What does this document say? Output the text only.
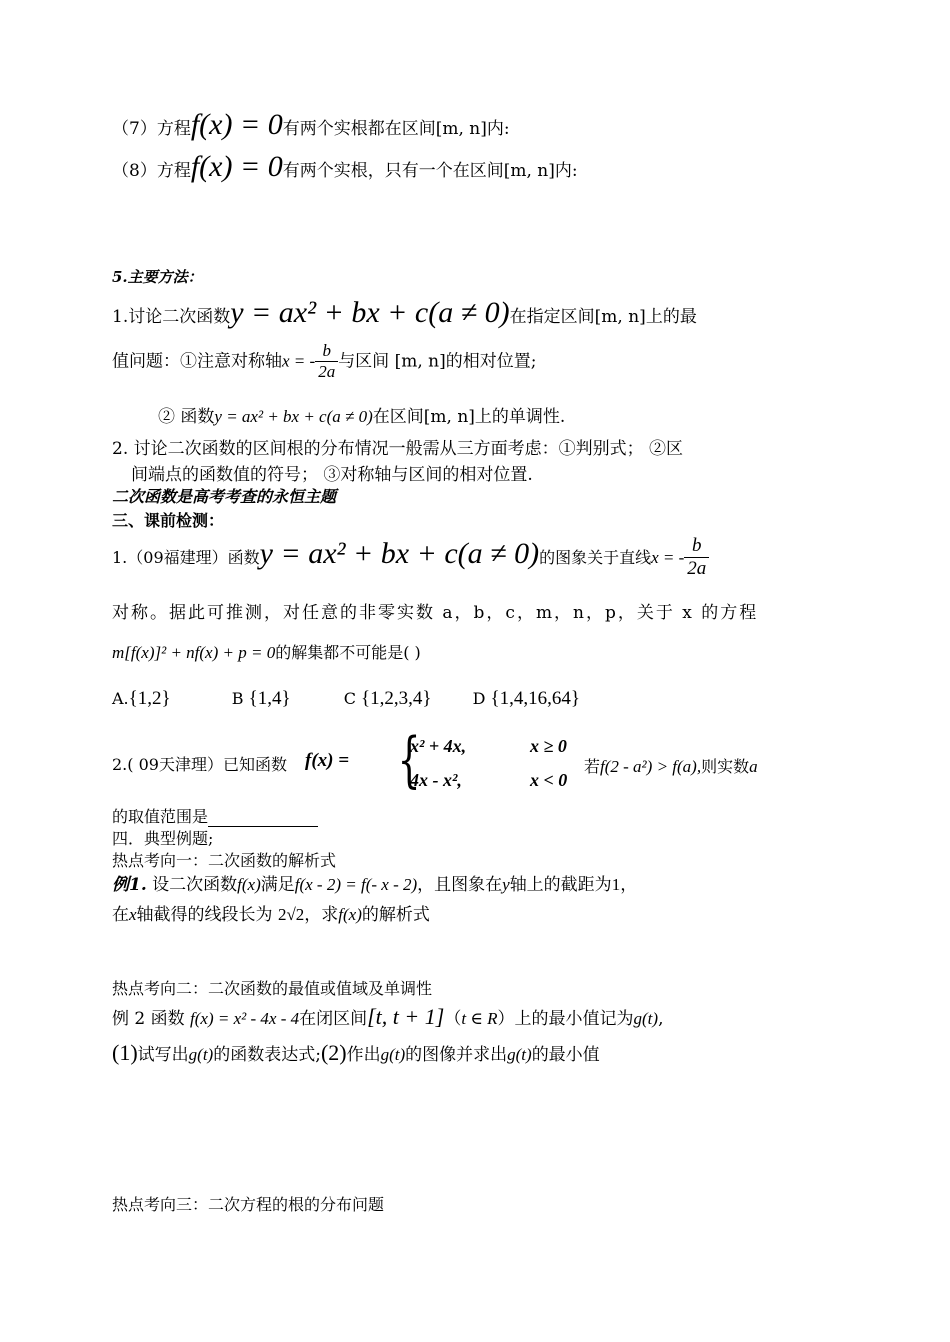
（7）方程f(x) = 0有两个实根都在区间[m, n]内:
（8）方程f(x) = 0有两个实根，只有一个在区间[m, n]内:
5.主要方法：
1.讨论二次函数y = ax² + bx + c(a ≠ 0)在指定区间[m, n]上的最
值问题：①注意对称轴x = - $\frac{b}{2a}$ 与区间 [m, n]的相对位置;
② 函数y = ax² + bx + c(a ≠ 0)在区间[m, n]上的单调性.
2. 讨论二次函数的区间根的分布情况一般需从三方面考虑：①判别式； ②区
间端点的函数值的符号； ③对称轴与区间的相对位置.
二次函数是高考考查的永恒主题
三、课前检测：
1.（09福建理）函数y = ax² + bx + c(a ≠ 0)的图象关于直线x = - $\frac{b}{2a}$
对称。据此可推测，对任意的非零实数 a，b，c，m，n，p，关于 x 的方程
m[f(x)]² + nf(x) + p = 0的解集都不可能是( )
A.{1,2}	B {1,4}	C {1,2,3,4}	D {1,4,16,64}
2.( 09天津理）已知函数 f(x) = {
x² + 4x,	x ≥ 0
4x - x²,	x < 0
若f(2 - a²) > f(a),则实数a
的取值范围是
四．典型例题;
热点考向一：二次函数的解析式
例1. 设二次函数f(x)满足f(x - 2) = f(- x - 2)，且图象在y轴上的截距为1，
在x轴截得的线段长为 2√2，求f(x)的解析式
热点考向二：二次函数的最值或值域及单调性
例 2 函数 f(x) = x² - 4x - 4在闭区间[t, t + 1]（t ∈ R）上的最小值记为g(t),
(1)试写出g(t)的函数表达式;(2)作出g(t)的图像并求出g(t)的最小值
热点考向三：二次方程的根的分布问题
